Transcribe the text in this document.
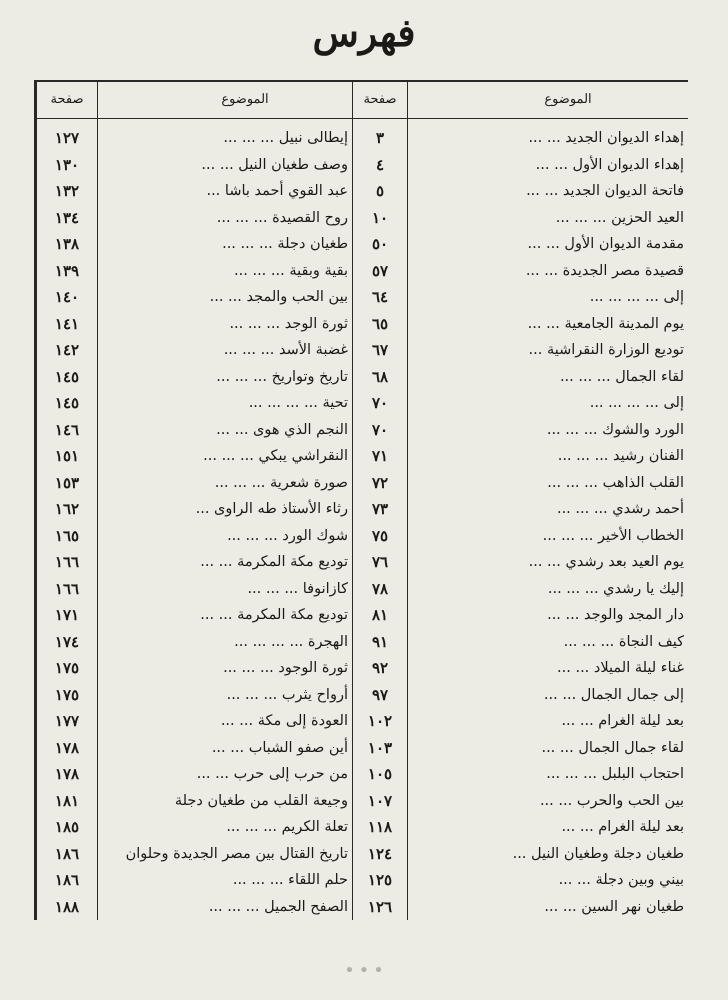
فهرس
الموضوع
إهداء الديوان الجديد ... ...
إهداء الديوان الأول ... ...
فاتحة الديوان الجديد ... ...
العيد الحزين ... ... ...
مقدمة الديوان الأول ... ...
قصيدة مصر الجديدة ... ...
إلى ... ... ... ...
يوم المدينة الجامعية ... ...
توديع الوزارة النقراشية ...
لقاء الجمال ... ... ...
إلى ... ... ... ...
الورد والشوك ... ... ...
الفنان رشيد ... ... ...
القلب الذاهب ... ... ...
أحمد رشدي ... ... ...
الخطاب الأخير ... ... ...
يوم العيد بعد رشدي ... ...
إليك يا رشدي ... ... ...
دار المجد والوجد ... ...
كيف النجاة ... ... ...
غناء ليلة الميلاد ... ...
إلى جمال الجمال ... ...
بعد ليلة الغرام ... ...
لقاء جمال الجمال ... ...
احتجاب البلبل ... ... ...
بين الحب والحرب ... ...
بعد ليلة الغرام ... ...
طغيان دجلة وطغيان النيل ...
بيني وبين دجلة ... ...
طغيان نهر السين ... ...
صفحة
٣
٤
٥
١٠
٥٠
٥٧
٦٤
٦٥
٦٧
٦٨
٧٠
٧٠
٧١
٧٢
٧٣
٧٥
٧٦
٧٨
٨١
٩١
٩٢
٩٧
١٠٢
١٠٣
١٠٥
١٠٧
١١٨
١٢٤
١٢٥
١٢٦
الموضوع
إيطالى نبيل ... ... ...
وصف طغيان النيل ... ...
عبد القوي أحمد باشا ...
روح القصيدة ... ... ...
طغيان دجلة ... ... ...
بقية وبقية ... ... ...
بين الحب والمجد ... ...
ثورة الوجد ... ... ...
غضبة الأسد ... ... ...
تاريخ وتواريخ ... ... ...
تحية ... ... ... ...
النجم الذي هوى ... ...
النقراشي يبكي ... ... ...
صورة شعرية ... ... ...
رثاء الأستاذ طه الراوى ...
شوك الورد ... ... ...
توديع مكة المكرمة ... ...
كازانوفا ... ... ...
توديع مكة المكرمة ... ...
الهجرة ... ... ... ...
ثورة الوجود ... ... ...
أرواح يثرب ... ... ...
العودة إلى مكة ... ...
أين صفو الشباب ... ...
من حرب إلى حرب ... ...
وجيعة القلب من طغيان دجلة
تعلة الكريم ... ... ...
تاريخ القتال بين مصر الجديدة وحلوان
حلم اللقاء ... ... ...
الصفح الجميل ... ... ...
صفحة
١٢٧
١٣٠
١٣٢
١٣٤
١٣٨
١٣٩
١٤٠
١٤١
١٤٢
١٤٥
١٤٥
١٤٦
١٥١
١٥٣
١٦٢
١٦٥
١٦٦
١٦٦
١٧١
١٧٤
١٧٥
١٧٥
١٧٧
١٧٨
١٧٨
١٨١
١٨٥
١٨٦
١٨٦
١٨٨
•••
